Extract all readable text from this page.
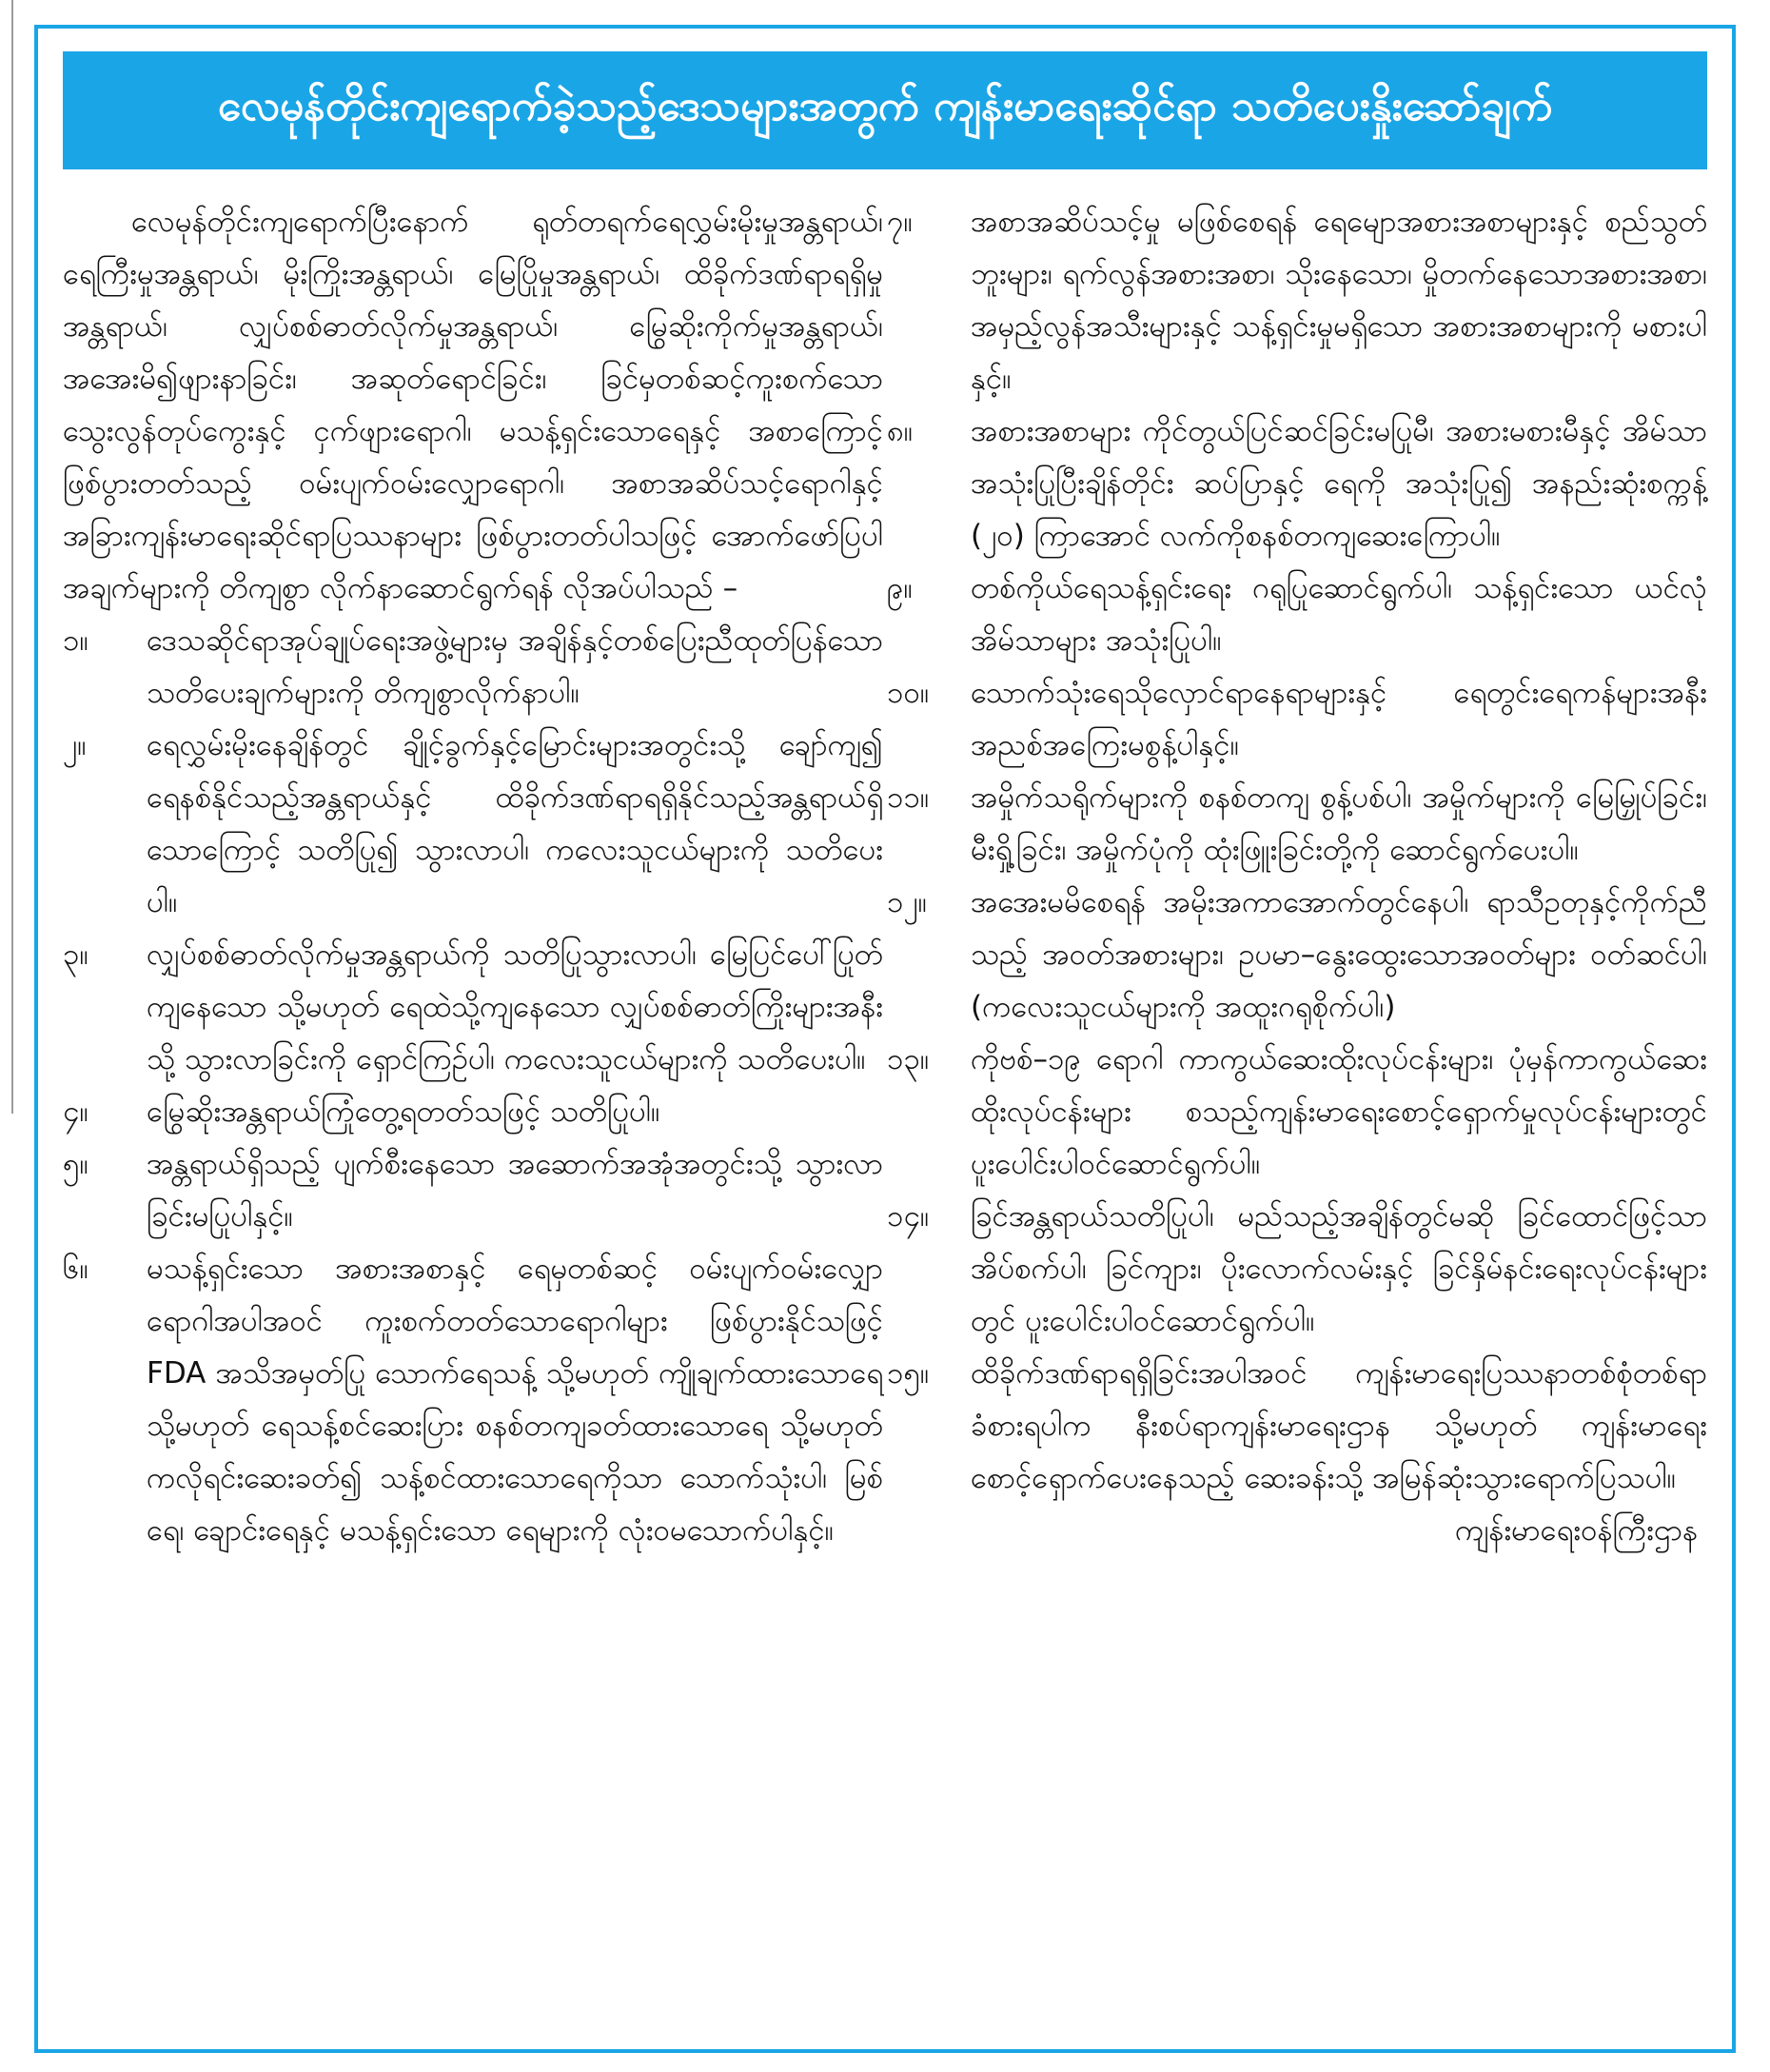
လေမုန်တိုင်းကျရောက်ခဲ့သည့်ဒေသများအတွက် ကျန်းမာရေးဆိုင်ရာ သတိပေးနှိုးဆော်ချက်

လေမုန်တိုင်းကျရောက်ပြီးနောက် ရုတ်တရက်ရေလွှမ်းမိုးမှုအန္တရာယ်၊ ရေကြီးမှုအန္တရာယ်၊ မိုးကြိုးအန္တရာယ်၊ မြေပြိုမှုအန္တရာယ်၊ ထိခိုက်ဒဏ်ရာရရှိမှုအန္တရာယ်၊ လျှပ်စစ်ဓာတ်လိုက်မှုအန္တရာယ်၊ မြွေဆိုးကိုက်မှုအန္တရာယ်၊ အအေးမိ၍ဖျားနာခြင်း၊ အဆုတ်ရောင်ခြင်း၊ ခြင်မှတစ်ဆင့်ကူးစက်သော သွေးလွန်တုပ်ကွေးနှင့် ငှက်ဖျားရောဂါ၊ မသန့်ရှင်းသောရေနှင့် အစာကြောင့် ဖြစ်ပွားတတ်သည့် ဝမ်းပျက်ဝမ်းလျှောရောဂါ၊ အစာအဆိပ်သင့်ရောဂါနှင့် အခြားကျန်းမာရေးဆိုင်ရာပြဿနာများ ဖြစ်ပွားတတ်ပါသဖြင့် အောက်ဖော်ပြပါအချက်များကို တိကျစွာ လိုက်နာဆောင်ရွက်ရန် လိုအပ်ပါသည် –

၁။	ဒေသဆိုင်ရာအုပ်ချုပ်ရေးအဖွဲ့များမှ အချိန်နှင့်တစ်ပြေးညီထုတ်ပြန်သော သတိပေးချက်များကို တိကျစွာလိုက်နာပါ။
၂။	ရေလွှမ်းမိုးနေချိန်တွင် ချိုင့်ခွက်နှင့်မြောင်းများအတွင်းသို့ ချော်ကျ၍ ရေနစ်နိုင်သည့်အန္တရာယ်နှင့် ထိခိုက်ဒဏ်ရာရရှိနိုင်သည့်အန္တရာယ်ရှိသောကြောင့် သတိပြု၍ သွားလာပါ၊ ကလေးသူငယ်များကို သတိပေးပါ။
၃။	လျှပ်စစ်ဓာတ်လိုက်မှုအန္တရာယ်ကို သတိပြုသွားလာပါ၊ မြေပြင်ပေါ်ပြုတ်ကျနေသော သို့မဟုတ် ရေထဲသို့ကျနေသော လျှပ်စစ်ဓာတ်ကြိုးများအနီးသို့ သွားလာခြင်းကို ရှောင်ကြဉ်ပါ၊ ကလေးသူငယ်များကို သတိပေးပါ။
၄။	မြွေဆိုးအန္တရာယ်ကြုံတွေ့ရတတ်သဖြင့် သတိပြုပါ။
၅။	အန္တရာယ်ရှိသည့် ပျက်စီးနေသော အဆောက်အအုံအတွင်းသို့ သွားလာခြင်းမပြုပါနှင့်။
၆။	မသန့်ရှင်းသော အစားအစာနှင့် ရေမှတစ်ဆင့် ဝမ်းပျက်ဝမ်းလျှောရောဂါအပါအဝင် ကူးစက်တတ်သောရောဂါများ ဖြစ်ပွားနိုင်သဖြင့် FDA အသိအမှတ်ပြု သောက်ရေသန့် သို့မဟုတ် ကျိုချက်ထားသောရေ သို့မဟုတ် ရေသန့်စင်ဆေးပြား စနစ်တကျခတ်ထားသောရေ သို့မဟုတ် ကလိုရင်းဆေးခတ်၍ သန့်စင်ထားသောရေကိုသာ သောက်သုံးပါ၊ မြစ်ရေ၊ ချောင်းရေနှင့် မသန့်ရှင်းသော ရေများကို လုံးဝမသောက်ပါနှင့်။
၇။	အစာအဆိပ်သင့်မှု မဖြစ်စေရန် ရေမျောအစားအစာများနှင့် စည်သွတ်ဘူးများ၊ ရက်လွန်အစားအစာ၊ သိုးနေသော၊ မှိုတက်နေသောအစားအစာ၊ အမှည့်လွန်အသီးများနှင့် သန့်ရှင်းမှုမရှိသော အစားအစာများကို မစားပါနှင့်။
၈။	အစားအစာများ ကိုင်တွယ်ပြင်ဆင်ခြင်းမပြုမီ၊ အစားမစားမီနှင့် အိမ်သာအသုံးပြုပြီးချိန်တိုင်း ဆပ်ပြာနှင့် ရေကို အသုံးပြု၍ အနည်းဆုံးစက္ကန့် (၂၀) ကြာအောင် လက်ကိုစနစ်တကျဆေးကြောပါ။
၉။	တစ်ကိုယ်ရေသန့်ရှင်းရေး ဂရုပြုဆောင်ရွက်ပါ၊ သန့်ရှင်းသော ယင်လုံအိမ်သာများ အသုံးပြုပါ။
၁၀။	သောက်သုံးရေသိုလှောင်ရာနေရာများနှင့် ရေတွင်းရေကန်များအနီး အညစ်အကြေးမစွန့်ပါနှင့်။
၁၁။	အမှိုက်သရိုက်များကို စနစ်တကျ စွန့်ပစ်ပါ၊ အမှိုက်များကို မြေမြှုပ်ခြင်း၊ မီးရှို့ခြင်း၊ အမှိုက်ပုံကို ထုံးဖြူးခြင်းတို့ကို ဆောင်ရွက်ပေးပါ။
၁၂။	အအေးမမိစေရန် အမိုးအကာအောက်တွင်နေပါ၊ ရာသီဥတုနှင့်ကိုက်ညီသည့် အဝတ်အစားများ၊ ဥပမာ–နွေးထွေးသောအဝတ်များ ဝတ်ဆင်ပါ၊ (ကလေးသူငယ်များကို အထူးဂရုစိုက်ပါ၊)
၁၃။	ကိုဗစ်–၁၉ ရောဂါ ကာကွယ်ဆေးထိုးလုပ်ငန်းများ၊ ပုံမှန်ကာကွယ်ဆေးထိုးလုပ်ငန်းများ စသည့်ကျန်းမာရေးစောင့်ရှောက်မှုလုပ်ငန်းများတွင် ပူးပေါင်းပါဝင်ဆောင်ရွက်ပါ။
၁၄။	ခြင်အန္တရာယ်သတိပြုပါ၊ မည်သည့်အချိန်တွင်မဆို ခြင်ထောင်ဖြင့်သာ အိပ်စက်ပါ၊ ခြင်ကျား၊ ပိုးလောက်လမ်းနှင့် ခြင်နှိမ်နင်းရေးလုပ်ငန်းများတွင် ပူးပေါင်းပါဝင်ဆောင်ရွက်ပါ။
၁၅။	ထိခိုက်ဒဏ်ရာရရှိခြင်းအပါအဝင် ကျန်းမာရေးပြဿနာတစ်စုံတစ်ရာခံစားရပါက နီးစပ်ရာကျန်းမာရေးဌာန သို့မဟုတ် ကျန်းမာရေးစောင့်ရှောက်ပေးနေသည့် ဆေးခန်းသို့ အမြန်ဆုံးသွားရောက်ပြသပါ။

ကျန်းမာရေးဝန်ကြီးဌာန
